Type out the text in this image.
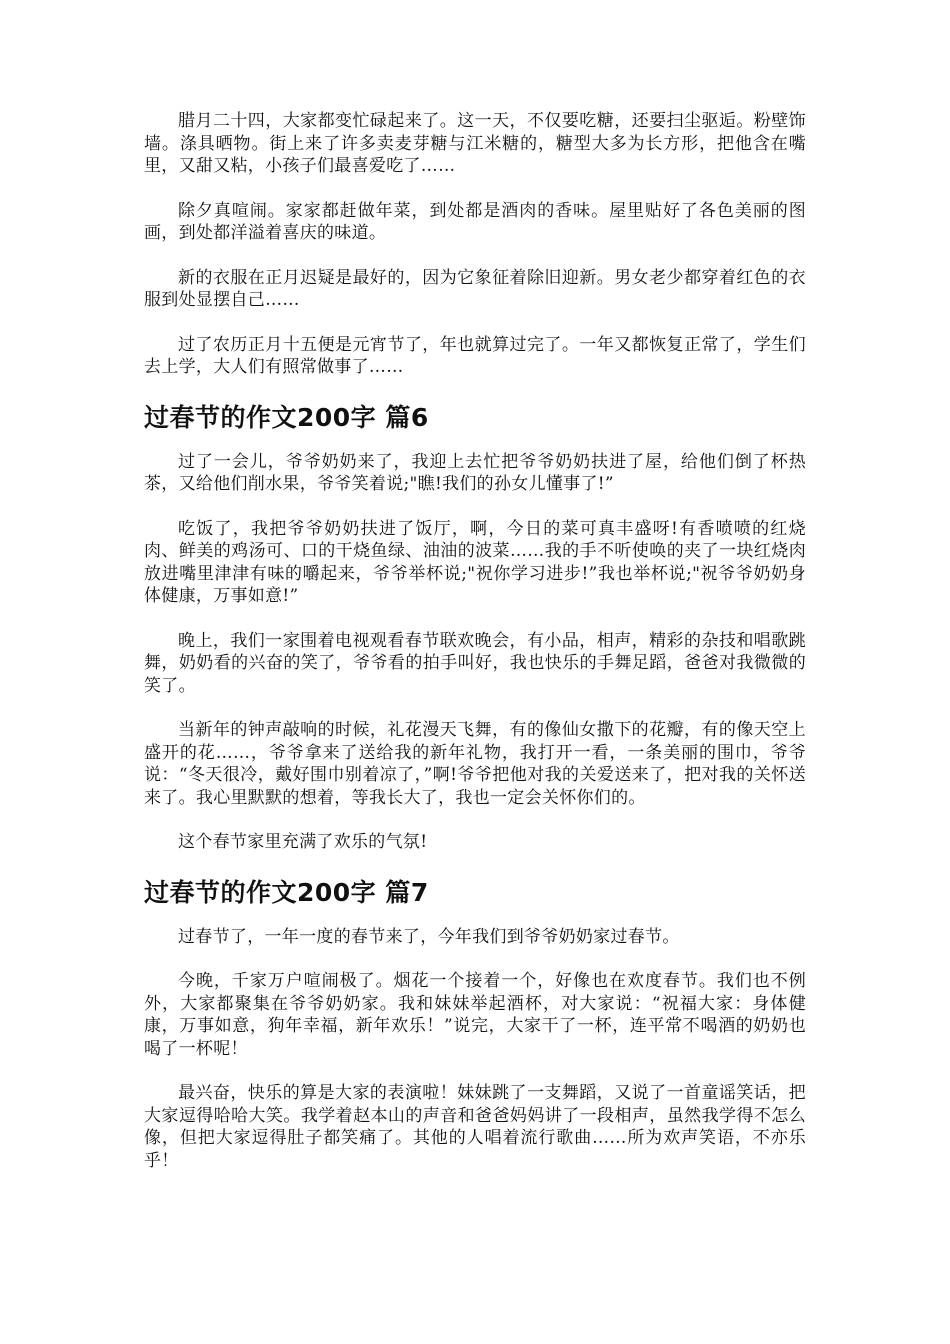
腊月二十四，大家都变忙碌起来了。这一天，不仅要吃糖，还要扫尘驱逅。粉壁饰墙。涤具晒物。街上来了许多卖麦芽糖与江米糖的，糖型大多为长方形，把他含在嘴里，又甜又粘，小孩子们最喜爱吃了……

除夕真喧闹。家家都赶做年菜，到处都是酒肉的香味。屋里贴好了各色美丽的图画，到处都洋溢着喜庆的味道。

新的衣服在正月迟疑是最好的，因为它象征着除旧迎新。男女老少都穿着红色的衣服到处显摆自己……

过了农历正月十五便是元宵节了，年也就算过完了。一年又都恢复正常了，学生们去上学，大人们有照常做事了……

过春节的作文200字 篇6

过了一会儿，爷爷奶奶来了，我迎上去忙把爷爷奶奶扶进了屋，给他们倒了杯热茶，又给他们削水果，爷爷笑着说;"瞧!我们的孙女儿懂事了!”

吃饭了，我把爷爷奶奶扶进了饭厅，啊，今日的菜可真丰盛呀!有香喷喷的红烧肉、鲜美的鸡汤可、口的干烧鱼绿、油油的波菜……我的手不听使唤的夹了一块红烧肉放进嘴里津津有味的嚼起来，爷爷举杯说;"祝你学习进步!”我也举杯说;"祝爷爷奶奶身体健康，万事如意!”

晚上，我们一家围着电视观看春节联欢晚会，有小品，相声，精彩的杂技和唱歌跳舞，奶奶看的兴奋的笑了，爷爷看的拍手叫好，我也快乐的手舞足蹈，爸爸对我微微的笑了。

当新年的钟声敲响的时候，礼花漫天飞舞，有的像仙女撒下的花瓣，有的像天空上盛开的花……，爷爷拿来了送给我的新年礼物，我打开一看，一条美丽的围巾，爷爷说：“冬天很冷，戴好围巾别着凉了，”啊!爷爷把他对我的关爱送来了，把对我的关怀送来了。我心里默默的想着，等我长大了，我也一定会关怀你们的。

这个春节家里充满了欢乐的气氛!

过春节的作文200字 篇7

过春节了，一年一度的春节来了，今年我们到爷爷奶奶家过春节。

今晚，千家万户喧闹极了。烟花一个接着一个，好像也在欢度春节。我们也不例外，大家都聚集在爷爷奶奶家。我和妹妹举起酒杯，对大家说：“祝福大家：身体健康，万事如意，狗年幸福，新年欢乐！”说完，大家干了一杯，连平常不喝酒的奶奶也喝了一杯呢！

最兴奋，快乐的算是大家的表演啦！妹妹跳了一支舞蹈，又说了一首童谣笑话，把大家逗得哈哈大笑。我学着赵本山的声音和爸爸妈妈讲了一段相声，虽然我学得不怎么像，但把大家逗得肚子都笑痛了。其他的人唱着流行歌曲……所为欢声笑语，不亦乐乎！
